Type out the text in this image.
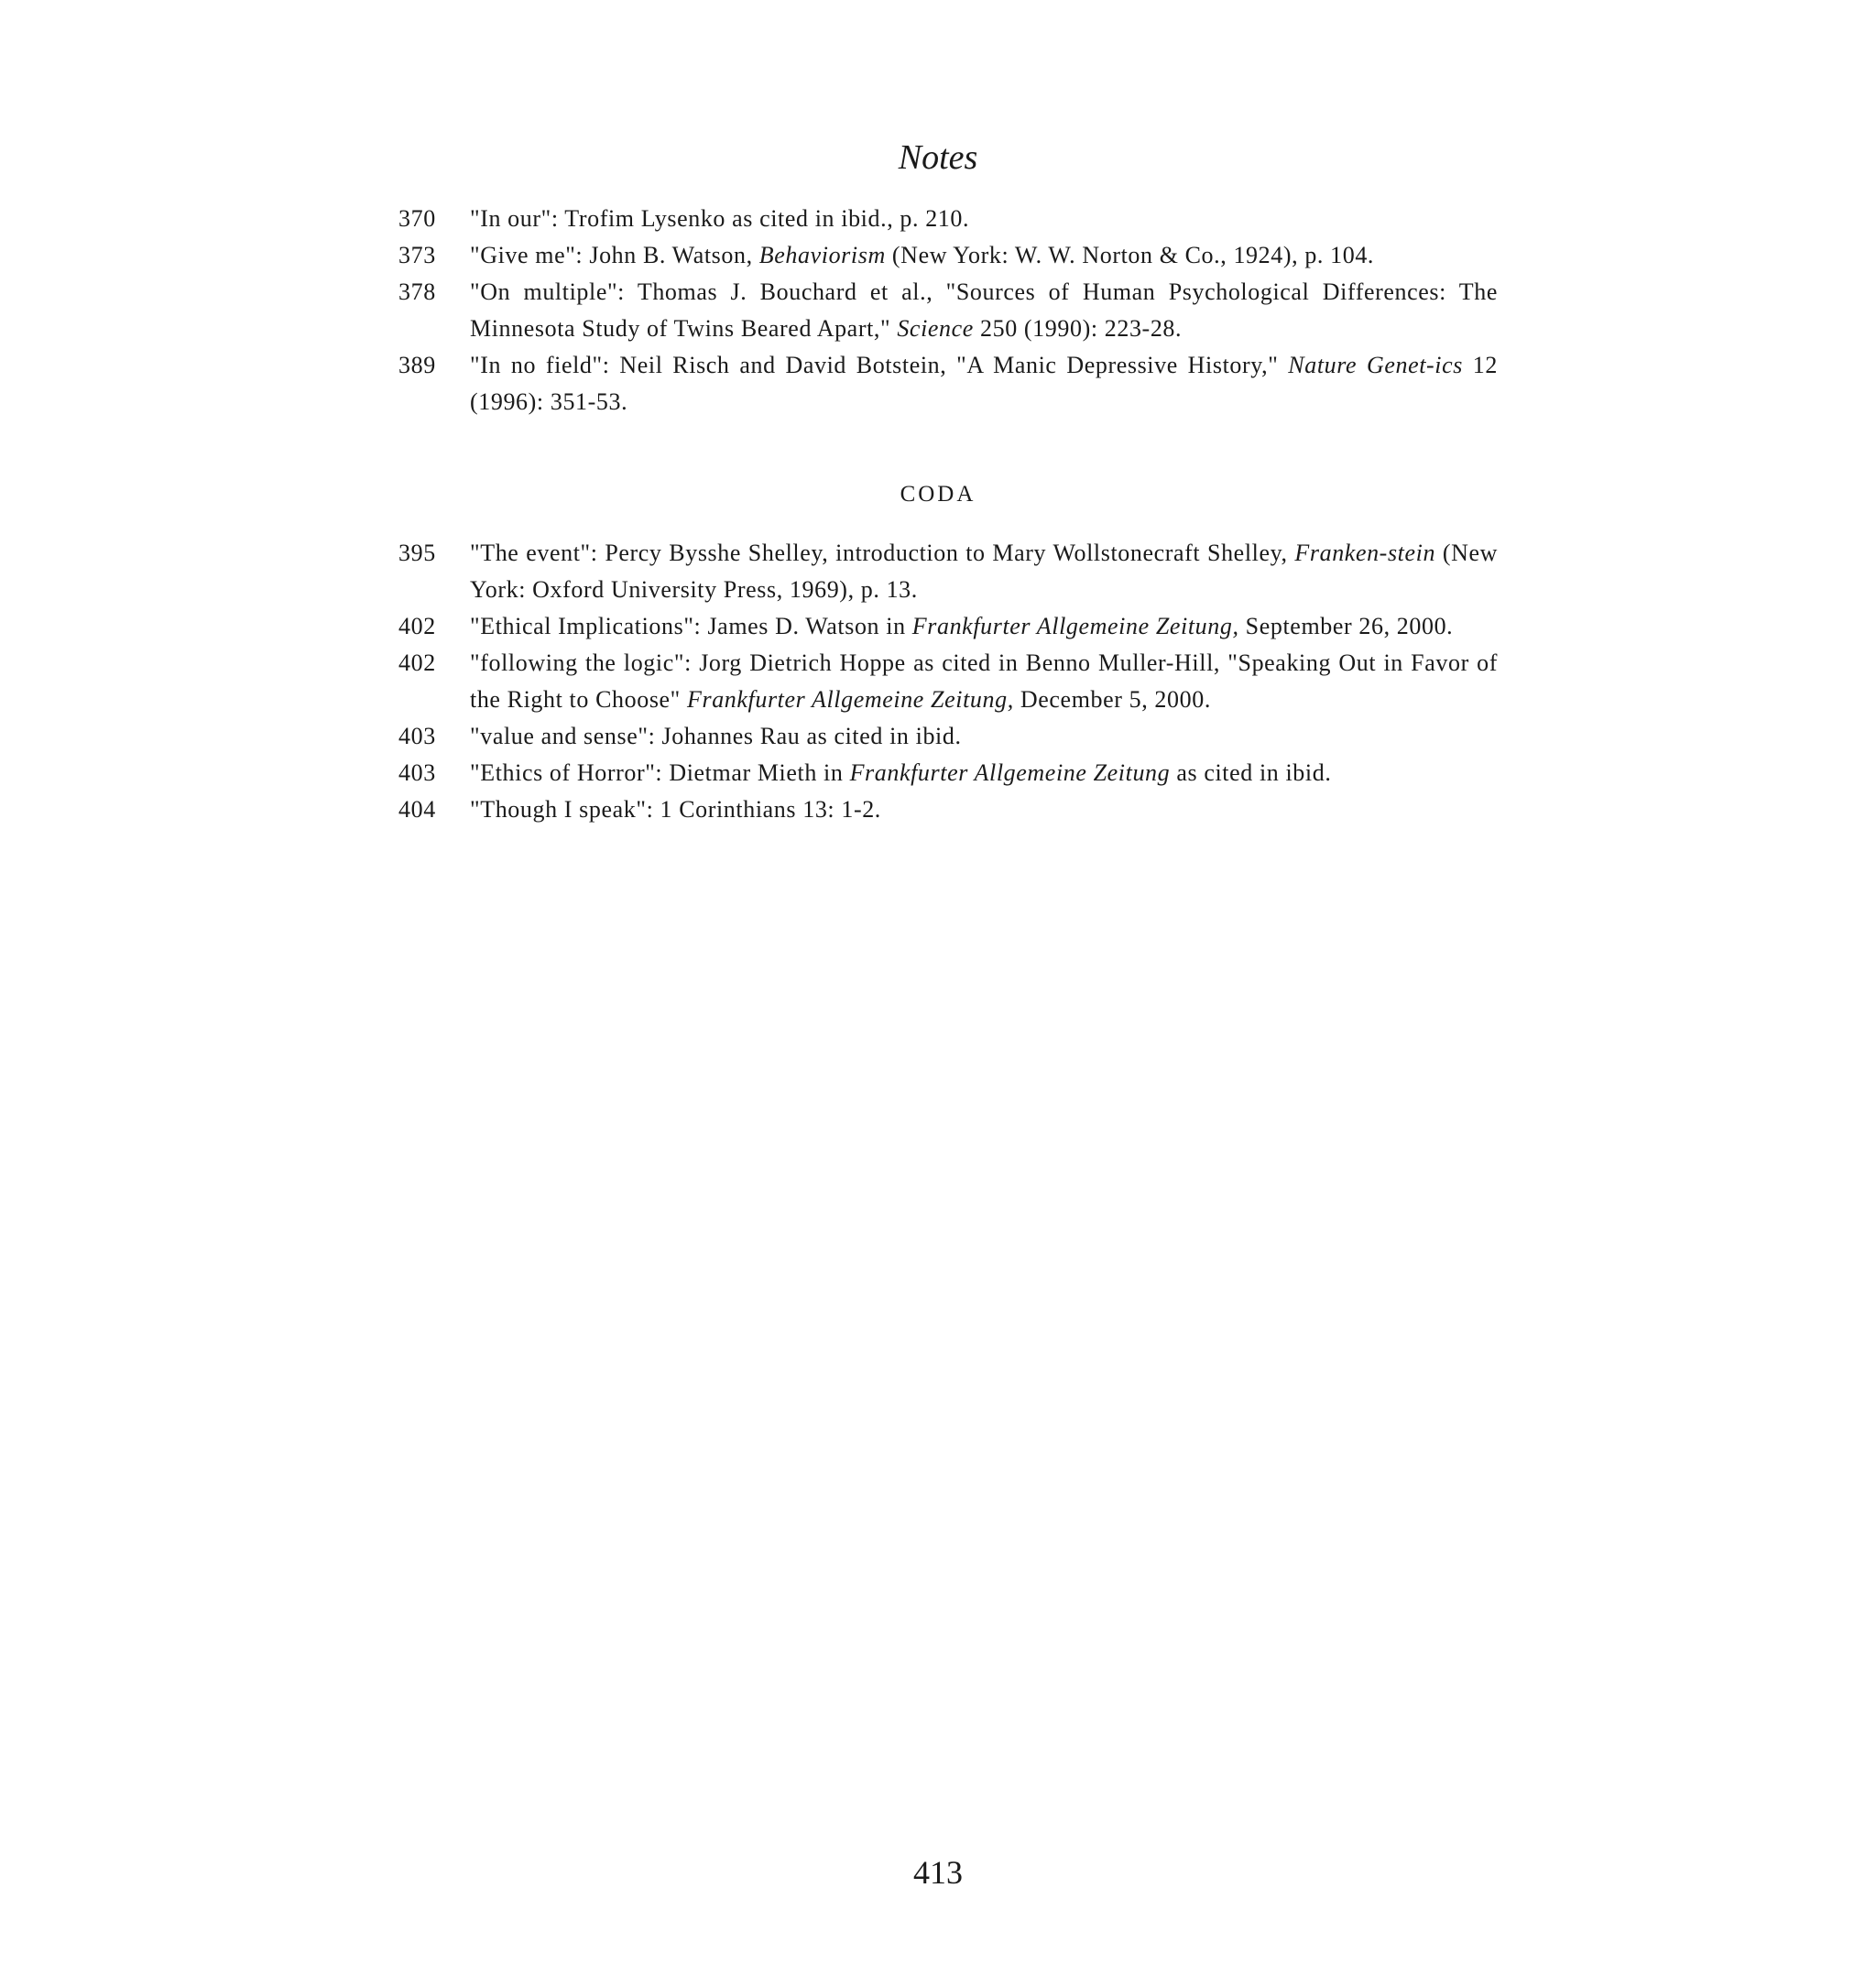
Notes
370	"In our": Trofim Lysenko as cited in ibid., p. 210.
373	"Give me": John B. Watson, Behaviorism (New York: W. W. Norton & Co., 1924), p. 104.
378	"On multiple": Thomas J. Bouchard et al., "Sources of Human Psychological Differences: The Minnesota Study of Twins Beared Apart," Science 250 (1990): 223-28.
389	"In no field": Neil Risch and David Botstein, "A Manic Depressive History," Nature Genet-ics 12 (1996): 351-53.
CODA
395	"The event": Percy Bysshe Shelley, introduction to Mary Wollstonecraft Shelley, Franken-stein (New York: Oxford University Press, 1969), p. 13.
402	"Ethical Implications": James D. Watson in Frankfurter Allgemeine Zeitung, September 26, 2000.
402	"following the logic": Jorg Dietrich Hoppe as cited in Benno Muller-Hill, "Speaking Out in Favor of the Right to Choose" Frankfurter Allgemeine Zeitung, December 5, 2000.
403	"value and sense": Johannes Rau as cited in ibid.
403	"Ethics of Horror": Dietmar Mieth in Frankfurter Allgemeine Zeitung as cited in ibid.
404	"Though I speak": 1 Corinthians 13: 1-2.
413
